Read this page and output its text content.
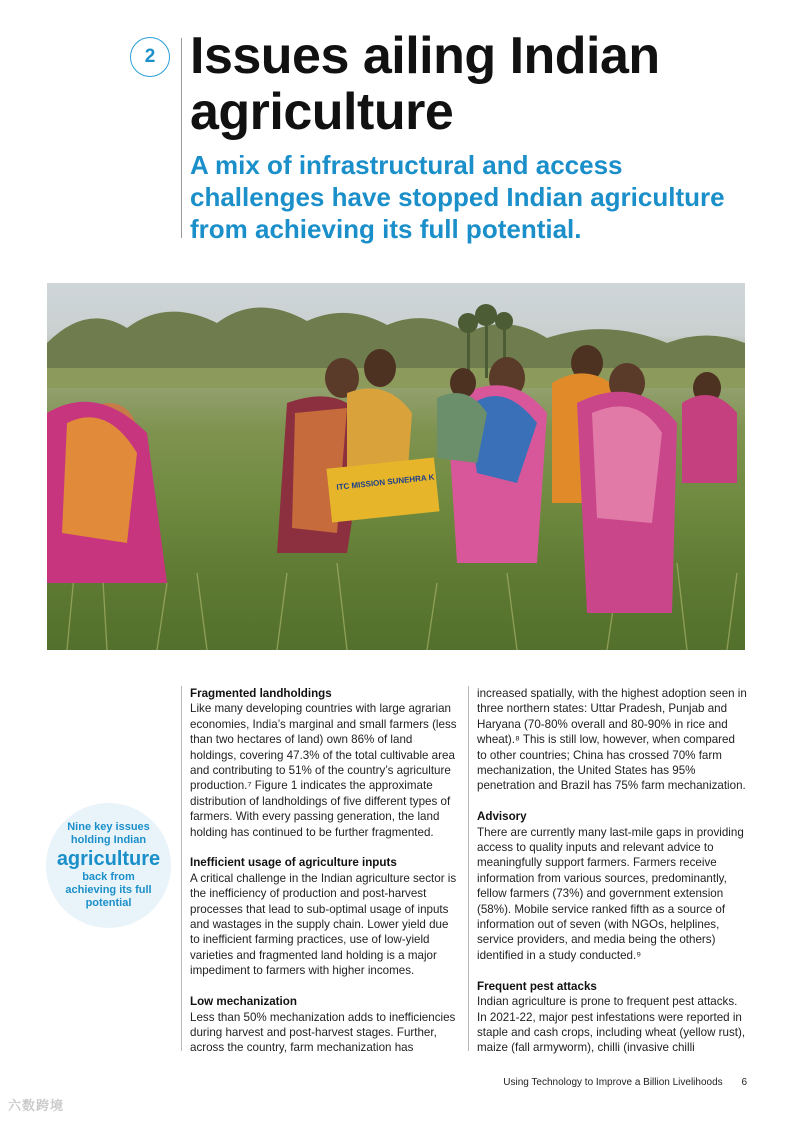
2 Issues ailing Indian agriculture
A mix of infrastructural and access challenges have stopped Indian agriculture from achieving its full potential.
ITC MISSION SUNEHRA K
Nine key issues holding Indian
agriculture
back from achieving its full potential
Fragmented landholdings

Like many developing countries with large agrarian economies, India’s marginal and small farmers (less than two hectares of land) own 86% of land holdings, covering 47.3% of the total cultivable area and contributing to 51% of the country’s agriculture production.⁷ Figure 1 indicates the approximate distribution of landholdings of five different types of farmers. With every passing generation, the land holding has continued to be further fragmented.

Inefficient usage of agriculture inputs

A critical challenge in the Indian agriculture sector is the inefficiency of production and post-harvest processes that lead to sub-optimal usage of inputs and wastages in the supply chain. Lower yield due to inefficient farming practices, use of low-yield varieties and fragmented land holding is a major impediment to farmers with higher incomes.

Low mechanization

Less than 50% mechanization adds to inefficiencies during harvest and post-harvest stages. Further, across the country, farm mechanization has

increased spatially, with the highest adoption seen in three northern states: Uttar Pradesh, Punjab and Haryana (70-80% overall and 80-90% in rice and wheat).⁸ This is still low, however, when compared to other countries; China has crossed 70% farm mechanization, the United States has 95% penetration and Brazil has 75% farm mechanization.

Advisory

There are currently many last-mile gaps in providing access to quality inputs and relevant advice to meaningfully support farmers. Farmers receive information from various sources, predominantly, fellow farmers (73%) and government extension (58%). Mobile service ranked fifth as a source of information out of seven (with NGOs, helplines, service providers, and media being the others) identified in a study conducted.⁹

Frequent pest attacks

Indian agriculture is prone to frequent pest attacks. In 2021-22, major pest infestations were reported in staple and cash crops, including wheat (yellow rust), maize (fall armyworm), chilli (invasive chilli

Using Technology to Improve a Billion Livelihoods 6
六数跨境
